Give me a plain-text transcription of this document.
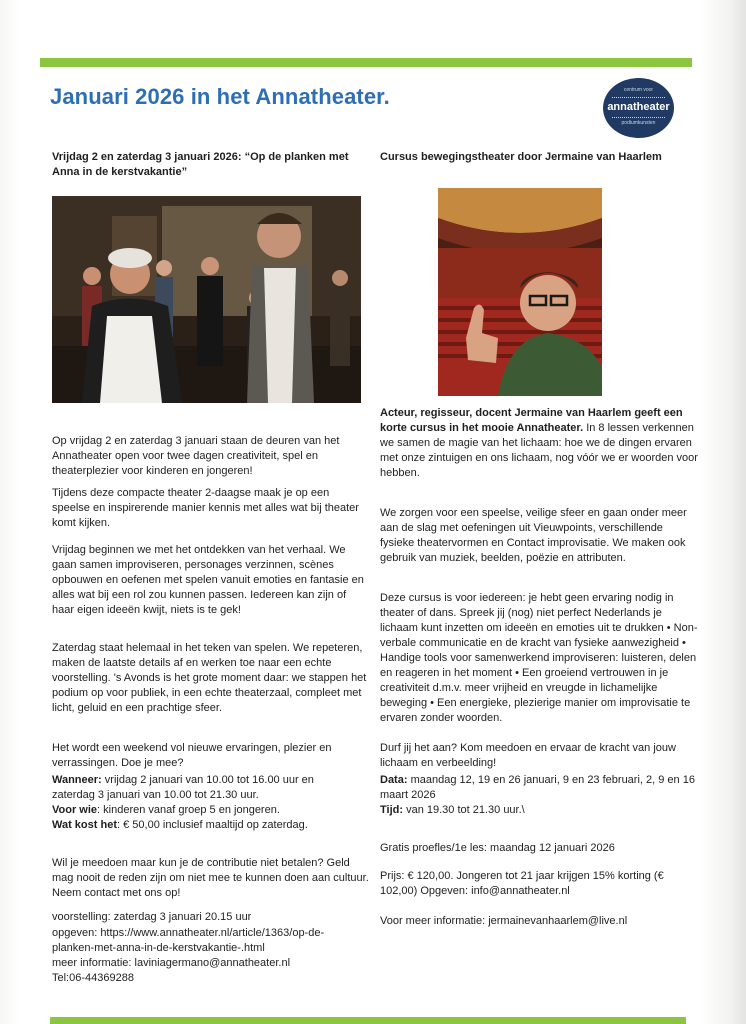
Januari 2026 in het Annatheater.	centrum voor
annatheater
podiumkunsten
Vrijdag 2 en zaterdag 3 januari 2026: “Op de planken met Anna in de kerstvakantie”

Op vrijdag 2 en zaterdag 3 januari staan de deuren van het Annatheater open voor twee dagen creativiteit, spel en theaterplezier voor kinderen en jongeren!

Tijdens deze compacte theater 2-daagse maak je op een speelse en inspirerende manier kennis met alles wat bij theater komt kijken.

Vrijdag beginnen we met het ontdekken van het verhaal. We gaan samen improviseren, personages verzinnen, scènes opbouwen en oefenen met spelen vanuit emoties en fantasie en alles wat bij een rol zou kunnen passen. Iedereen kan zijn of haar eigen ideeën kwijt, niets is te gek!

Zaterdag staat helemaal in het teken van spelen. We repeteren, maken de laatste details af en werken toe naar een echte voorstelling. 's Avonds is het grote moment daar: we stappen het podium op voor publiek, in een echte theaterzaal, compleet met licht, geluid en een prachtige sfeer.

Het wordt een weekend vol nieuwe ervaringen, plezier en verrassingen. Doe je mee?

Wanneer: vrijdag 2 januari van 10.00 tot 16.00 uur en
zaterdag 3 januari van 10.00 tot 21.30 uur.
Voor wie: kinderen vanaf groep 5 en jongeren.
Wat kost het: € 50,00 inclusief maaltijd op zaterdag.

Wil je meedoen maar kun je de contributie niet betalen? Geld mag nooit de reden zijn om niet mee te kunnen doen aan cultuur. Neem contact met ons op!

voorstelling: zaterdag 3 januari 20.15 uur

opgeven: https://www.annatheater.nl/article/1363/op-de-
planken-met-anna-in-de-kerstvakantie-.html
meer informatie: laviniagermano@annatheater.nl
Tel:06-44369288
Cursus bewegingstheater door Jermaine van Haarlem
Acteur, regisseur, docent Jermaine van Haarlem geeft een korte cursus in het mooie Annatheater. In 8 lessen verkennen we samen de magie van het lichaam: hoe we de dingen ervaren met onze zintuigen en ons lichaam, nog vóór we er woorden voor hebben.

We zorgen voor een speelse, veilige sfeer en gaan onder meer aan de slag met oefeningen uit Vieuwpoints, verschillende fysieke theatervormen en Contact improvisatie. We maken ook gebruik van muziek, beelden, poëzie en attributen.

Deze cursus is voor iedereen: je hebt geen ervaring nodig in theater of dans. Spreek jij (nog) niet perfect Nederlands je lichaam kunt inzetten om ideeën en emoties uit te drukken • Non-verbale communicatie en de kracht van fysieke aanwezigheid • Handige tools voor samenwerkend improviseren: luisteren, delen en reageren in het moment • Een groeiend vertrouwen in je creativiteit d.m.v. meer vrijheid en vreugde in lichamelijke beweging • Een energieke, plezierige manier om improvisatie te ervaren zonder woorden.

Durf jij het aan? Kom meedoen en ervaar de kracht van jouw lichaam en verbeelding!

Data: maandag 12, 19 en 26 januari, 9 en 23 februari, 2, 9 en 16 maart 2026
Tijd: van 19.30 tot 21.30 uur.\

Gratis proefles/1e les: maandag 12 januari 2026

Prijs: € 120,00. Jongeren tot 21 jaar krijgen 15% korting (€ 102,00) Opgeven: info@annatheater.nl

Voor meer informatie: jermainevanhaarlem@live.nl
